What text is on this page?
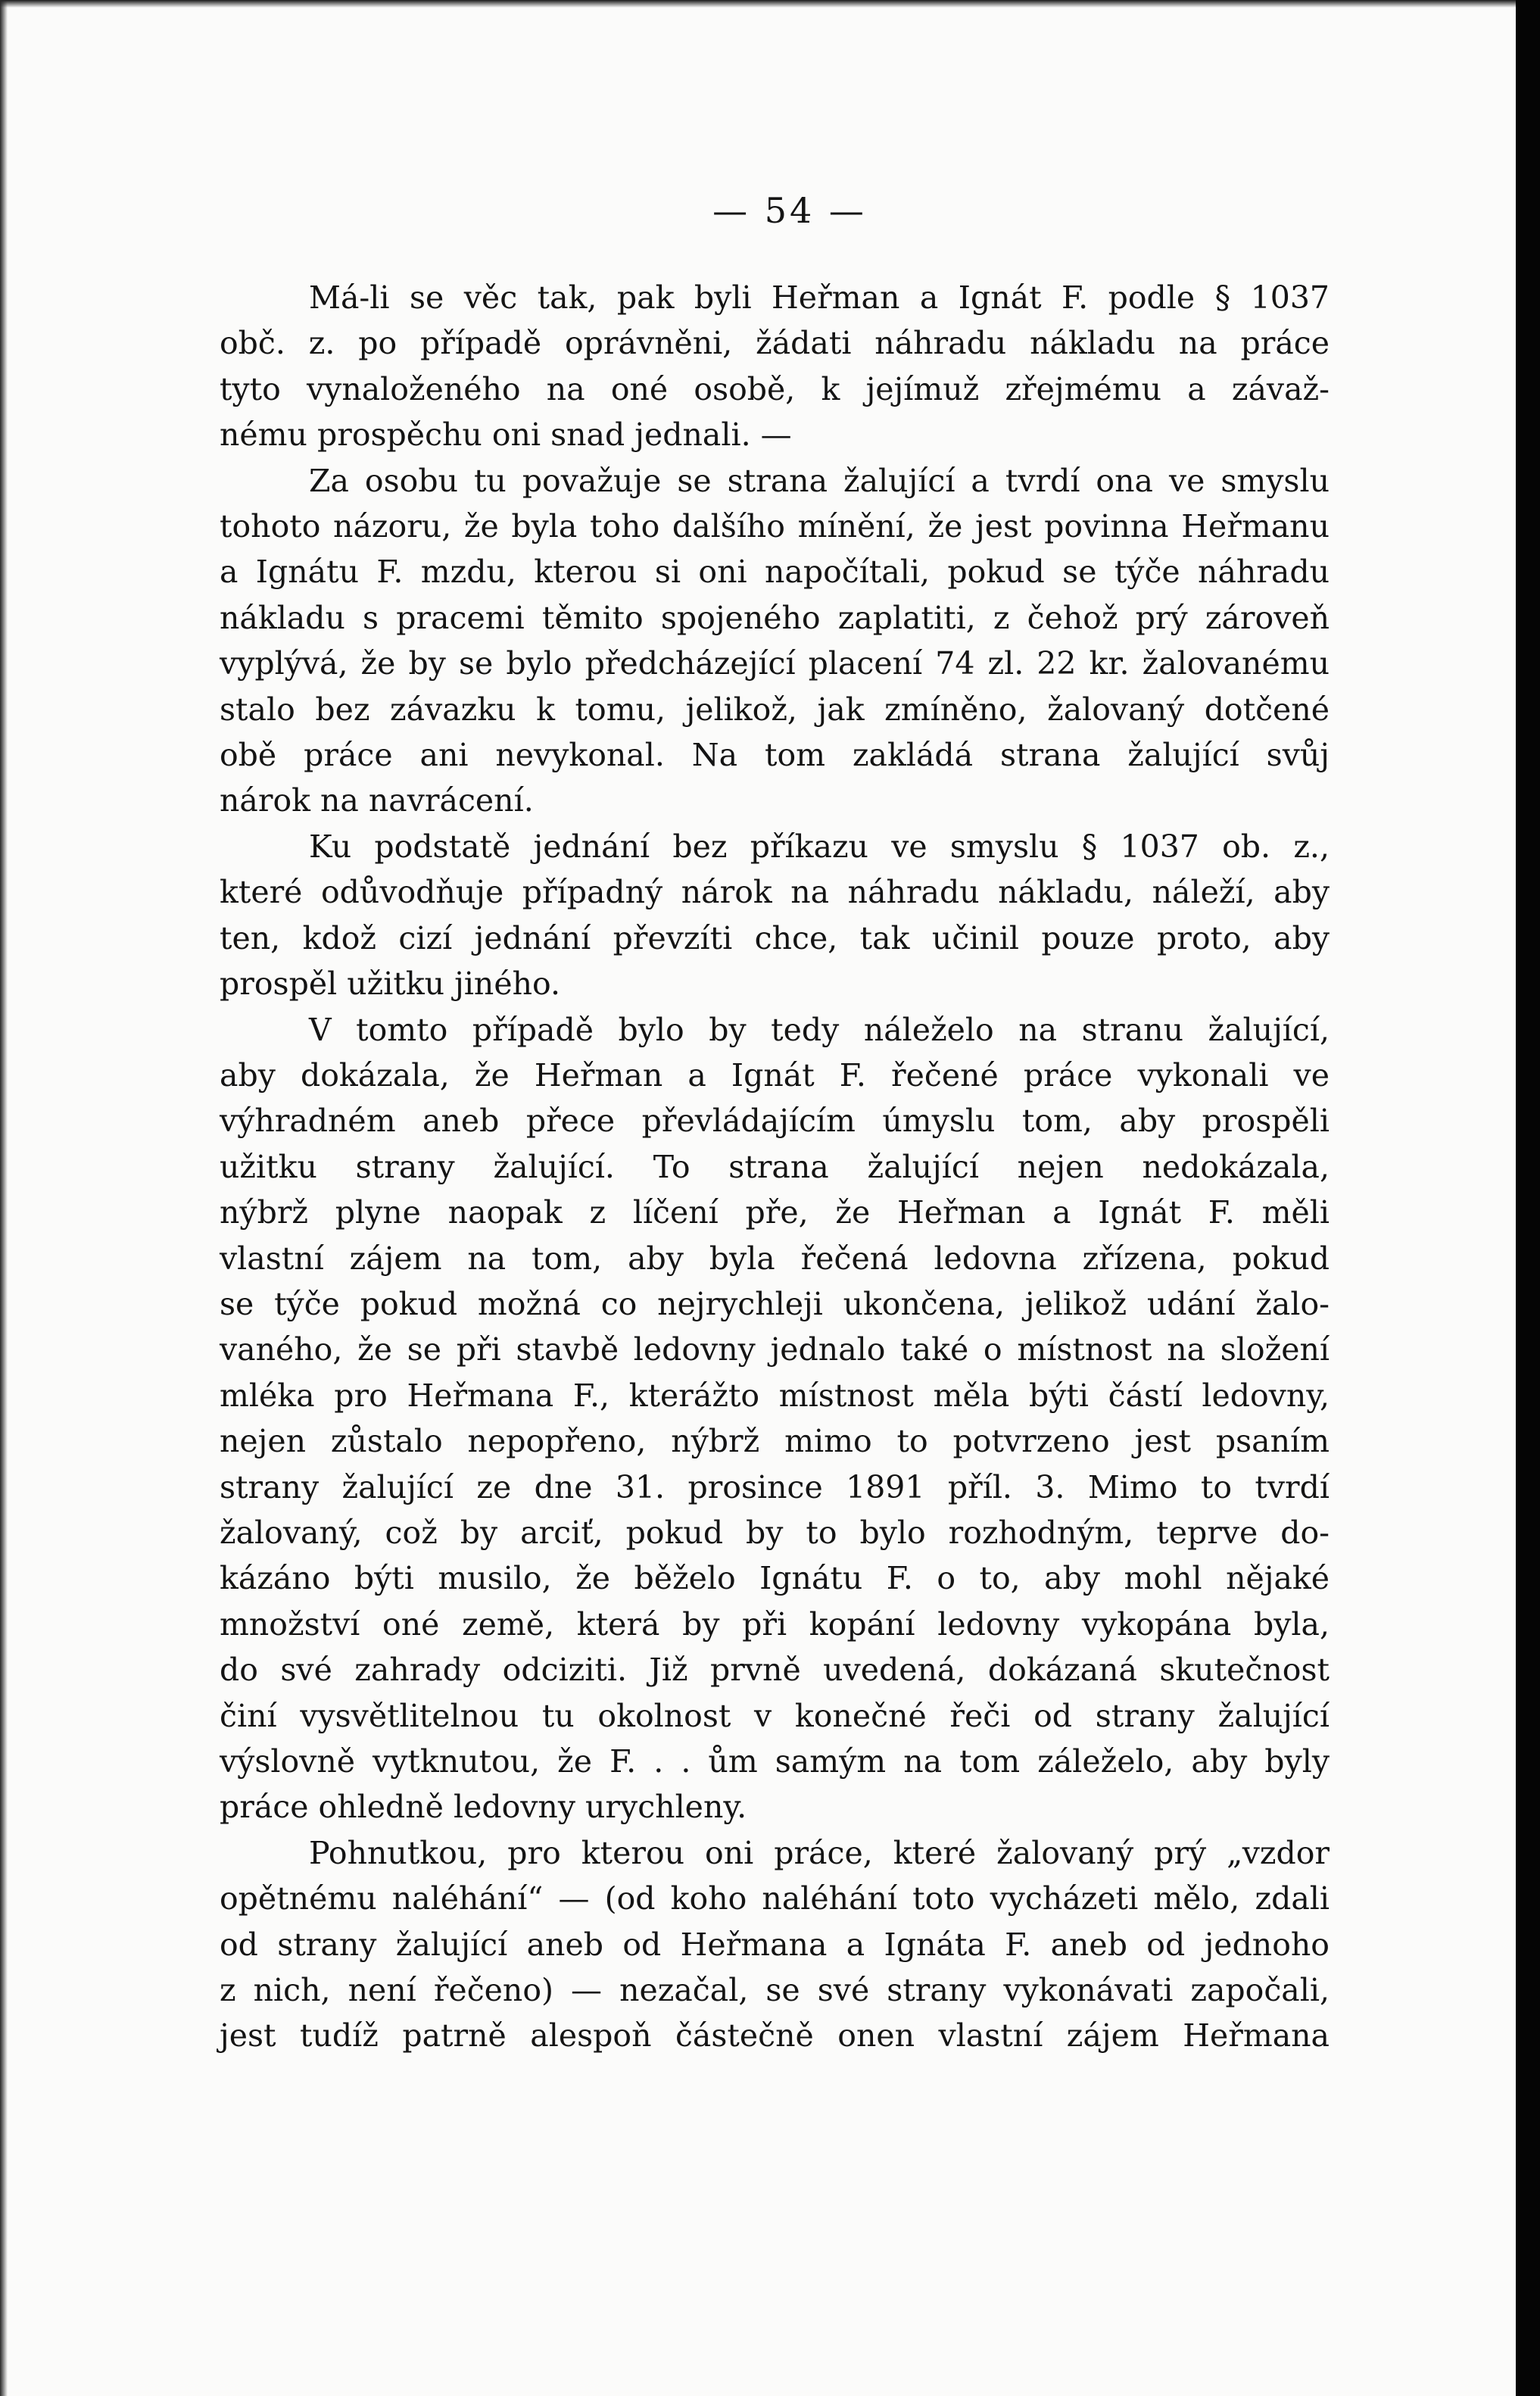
— 54 —

Má-li se věc tak, pak byli Heřman a Ignát F. podle § 1037
obč. z. po případě oprávněni, žádati náhradu nákladu na práce
tyto vynaloženého na oné osobě, k jejímuž zřejmému a závaž-
nému prospěchu oni snad jednali. —

Za osobu tu považuje se strana žalující a tvrdí ona ve smyslu
tohoto názoru, že byla toho dalšího mínění, že jest povinna Heřmanu
a Ignátu F. mzdu, kterou si oni napočítali, pokud se týče náhradu
nákladu s pracemi těmito spojeného zaplatiti, z čehož prý zároveň
vyplývá, že by se bylo předcházející placení 74 zl. 22 kr. žalovanému
stalo bez závazku k tomu, jelikož, jak zmíněno, žalovaný dotčené
obě práce ani nevykonal. Na tom zakládá strana žalující svůj
nárok na navrácení.

Ku podstatě jednání bez příkazu ve smyslu § 1037 ob. z.,
které odůvodňuje případný nárok na náhradu nákladu, náleží, aby
ten, kdož cizí jednání převzíti chce, tak učinil pouze proto, aby
prospěl užitku jiného.

V tomto případě bylo by tedy náleželo na stranu žalující,
aby dokázala, že Heřman a Ignát F. řečené práce vykonali ve
výhradném aneb přece převládajícím úmyslu tom, aby prospěli
užitku strany žalující. To strana žalující nejen nedokázala,
nýbrž plyne naopak z líčení pře, že Heřman a Ignát F. měli
vlastní zájem na tom, aby byla řečená ledovna zřízena, pokud
se týče pokud možná co nejrychleji ukončena, jelikož udání žalo-
vaného, že se při stavbě ledovny jednalo také o místnost na složení
mléka pro Heřmana F., kterážto místnost měla býti částí ledovny,
nejen zůstalo nepopřeno, nýbrž mimo to potvrzeno jest psaním
strany žalující ze dne 31. prosince 1891 příl. 3. Mimo to tvrdí
žalovaný, což by arciť, pokud by to bylo rozhodným, teprve do-
kázáno býti musilo, že běželo Ignátu F. o to, aby mohl nějaké
množství oné země, která by při kopání ledovny vykopána byla,
do své zahrady odciziti. Již prvně uvedená, dokázaná skutečnost
činí vysvětlitelnou tu okolnost v konečné řeči od strany žalující
výslovně vytknutou, že F. . . ům samým na tom záleželo, aby byly
práce ohledně ledovny urychleny.

Pohnutkou, pro kterou oni práce, které žalovaný prý „vzdor
opětnému naléhání“ — (od koho naléhání toto vycházeti mělo, zdali
od strany žalující aneb od Heřmana a Ignáta F. aneb od jednoho
z nich, není řečeno) — nezačal, se své strany vykonávati započali,
jest tudíž patrně alespoň částečně onen vlastní zájem Heřmana
